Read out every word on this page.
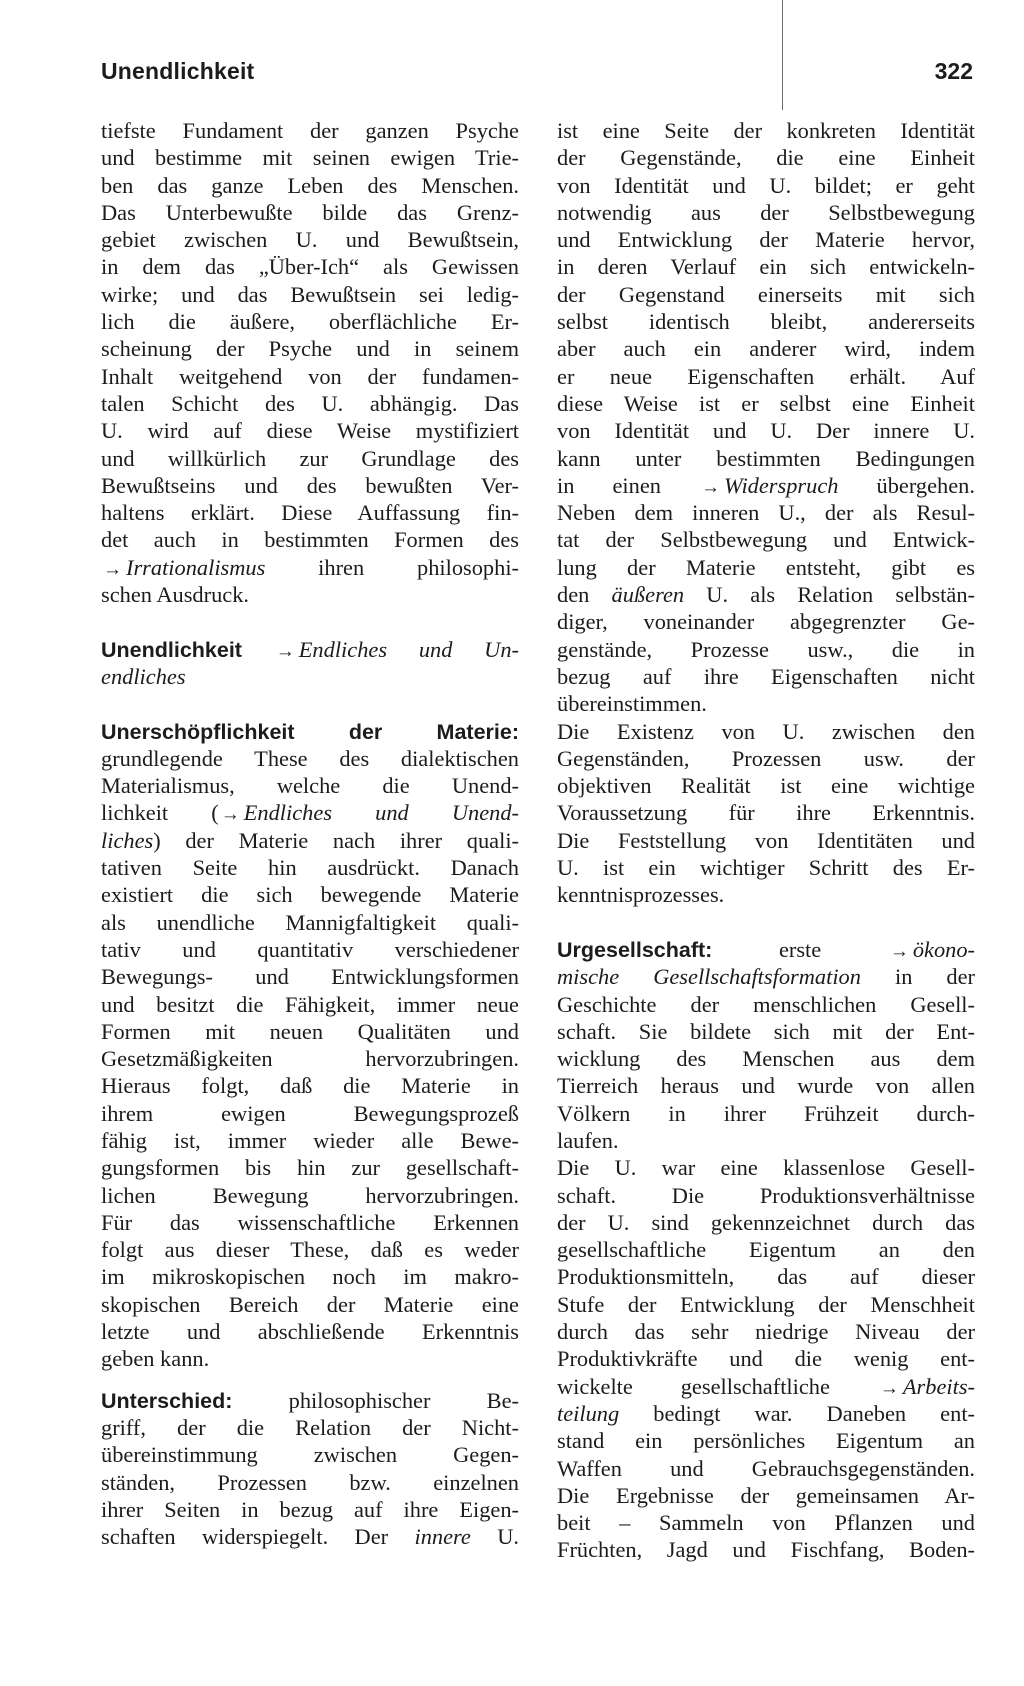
Unendlichkeit	322
tiefste Fundament der ganzen Psyche
und bestimme mit seinen ewigen Trie-
ben das ganze Leben des Menschen.
Das Unterbewußte bilde das Grenz-
gebiet zwischen U. und Bewußtsein,
in dem das „Über-Ich“ als Gewissen
wirke; und das Bewußtsein sei ledig-
lich die äußere, oberflächliche Er-
scheinung der Psyche und in seinem
Inhalt weitgehend von der fundamen-
talen Schicht des U. abhängig. Das
U. wird auf diese Weise mystifiziert
und willkürlich zur Grundlage des
Bewußtseins und des bewußten Ver-
haltens erklärt. Diese Auffassung fin-
det auch in bestimmten Formen des
→ Irrationalismus ihren philosophi-
schen Ausdruck.
Unendlichkeit → Endliches und Un-
endliches
Unerschöpflichkeit der Materie:
grundlegende These des dialektischen
Materialismus, welche die Unend-
lichkeit ( → Endliches und Unend-
liches) der Materie nach ihrer quali-
tativen Seite hin ausdrückt. Danach
existiert die sich bewegende Materie
als unendliche Mannigfaltigkeit quali-
tativ und quantitativ verschiedener
Bewegungs- und Entwicklungsformen
und besitzt die Fähigkeit, immer neue
Formen mit neuen Qualitäten und
Gesetzmäßigkeiten hervorzubringen.
Hieraus folgt, daß die Materie in
ihrem ewigen Bewegungsprozeß
fähig ist, immer wieder alle Bewe-
gungsformen bis hin zur gesellschaft-
lichen Bewegung hervorzubringen.
Für das wissenschaftliche Erkennen
folgt aus dieser These, daß es weder
im mikroskopischen noch im makro-
skopischen Bereich der Materie eine
letzte und abschließende Erkenntnis
geben kann.
Unterschied:	philosophischer Be-
griff, der die Relation der Nicht-
übereinstimmung zwischen Gegen-
ständen, Prozessen bzw. einzelnen
ihrer Seiten in bezug auf ihre Eigen-
schaften widerspiegelt. Der innere U.
ist eine Seite der konkreten Identität
der Gegenstände, die eine Einheit
von Identität und U. bildet; er geht
notwendig aus der Selbstbewegung
und Entwicklung der Materie hervor,
in deren Verlauf ein sich entwickeln-
der Gegenstand einerseits mit sich
selbst identisch bleibt, andererseits
aber auch ein anderer wird, indem
er neue Eigenschaften erhält. Auf
diese Weise ist er selbst eine Einheit
von Identität und U. Der innere U.
kann unter bestimmten Bedingungen
in einen → Widerspruch übergehen.
Neben dem inneren U., der als Resul-
tat der Selbstbewegung und Entwick-
lung der Materie entsteht, gibt es
den äußeren U. als Relation selbstän-
diger, voneinander abgegrenzter Ge-
genstände, Prozesse usw., die in
bezug auf ihre Eigenschaften nicht
übereinstimmen.
Die Existenz von U. zwischen den
Gegenständen, Prozessen usw. der
objektiven Realität ist eine wichtige
Voraussetzung für ihre Erkenntnis.
Die Feststellung von Identitäten und
U. ist ein wichtiger Schritt des Er-
kenntnisprozesses.
Urgesellschaft:	erste	→ ökono-
mische Gesellschaftsformation in der
Geschichte der menschlichen Gesell-
schaft. Sie bildete sich mit der Ent-
wicklung des Menschen aus dem
Tierreich heraus und wurde von allen
Völkern in ihrer Frühzeit durch-
laufen.
Die U. war eine klassenlose Gesell-
schaft. Die Produktionsverhältnisse
der U. sind gekennzeichnet durch das
gesellschaftliche Eigentum an den
Produktionsmitteln, das auf dieser
Stufe der Entwicklung der Menschheit
durch das sehr niedrige Niveau der
Produktivkräfte und die wenig ent-
wickelte gesellschaftliche	→ Arbeits-
teilung bedingt war. Daneben ent-
stand ein persönliches Eigentum an
Waffen und Gebrauchsgegenständen.
Die Ergebnisse der gemeinsamen Ar-
beit – Sammeln von Pflanzen und
Früchten, Jagd und Fischfang, Boden-
